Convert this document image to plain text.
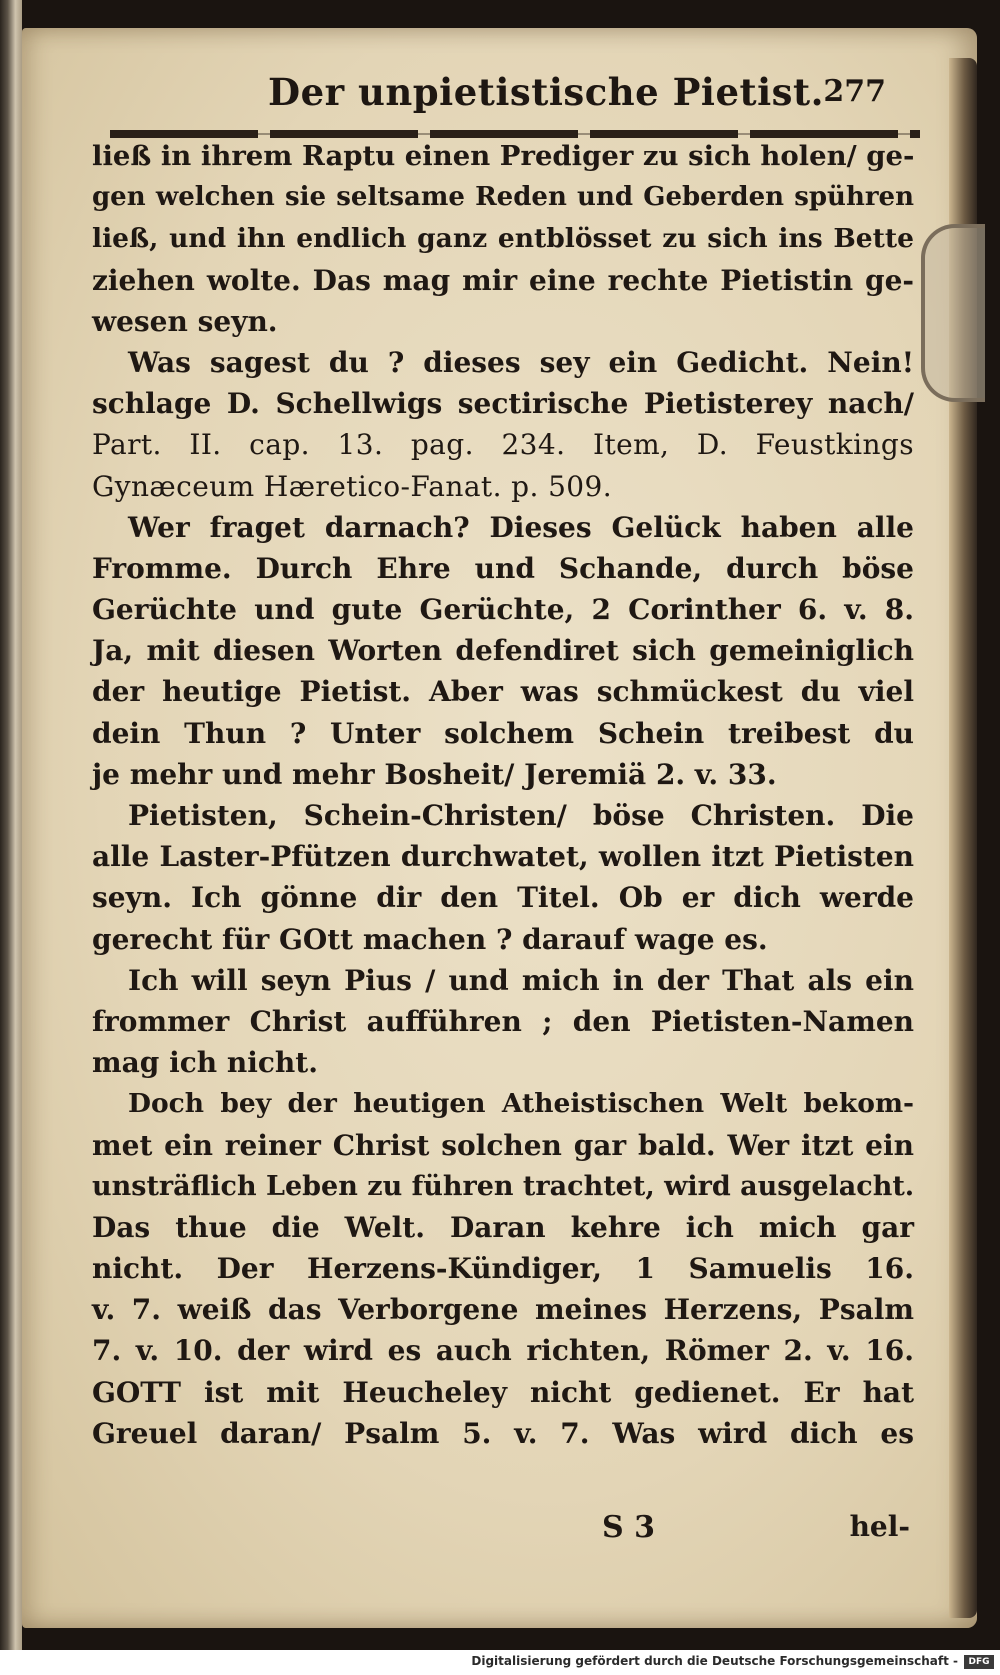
Der unpietistische Pietist. 277
ließ in ihrem Raptu einen Prediger zu sich holen/ ge-
gen welchen sie seltsame Reden und Geberden spühren
ließ, und ihn endlich ganz entblösset zu sich ins Bette
ziehen wolte. Das mag mir eine rechte Pietistin ge-
wesen seyn.
Was sagest du ? dieses sey ein Gedicht. Nein!
schlage D. Schellwigs sectirische Pietisterey nach/
Part. II. cap. 13. pag. 234. Item, D. Feustkings
Gynæceum Hæretico-Fanat. p. 509.
Wer fraget darnach? Dieses Gelück haben alle
Fromme. Durch Ehre und Schande, durch böse
Gerüchte und gute Gerüchte, 2 Corinther 6. v. 8.
Ja, mit diesen Worten defendiret sich gemeiniglich
der heutige Pietist. Aber was schmückest du viel
dein Thun ? Unter solchem Schein treibest du
je mehr und mehr Bosheit/ Jeremiä 2. v. 33.
Pietisten, Schein-Christen/ böse Christen. Die
alle Laster-Pfützen durchwatet, wollen itzt Pietisten
seyn. Ich gönne dir den Titel. Ob er dich werde
gerecht für GOtt machen ? darauf wage es.
Ich will seyn Pius / und mich in der That als ein
frommer Christ aufführen ; den Pietisten-Namen
mag ich nicht.
Doch bey der heutigen Atheistischen Welt bekom-
met ein reiner Christ solchen gar bald. Wer itzt ein
unsträflich Leben zu führen trachtet, wird ausgelacht.
Das thue die Welt. Daran kehre ich mich gar
nicht. Der Herzens-Kündiger, 1 Samuelis 16.
v. 7. weiß das Verborgene meines Herzens, Psalm
7. v. 10. der wird es auch richten, Römer 2. v. 16.
GOTT ist mit Heucheley nicht gedienet. Er hat
Greuel daran/ Psalm 5. v. 7. Was wird dich es
S 3	hel-
Digitalisierung gefördert durch die Deutsche Forschungsgemeinschaft -	DFG
